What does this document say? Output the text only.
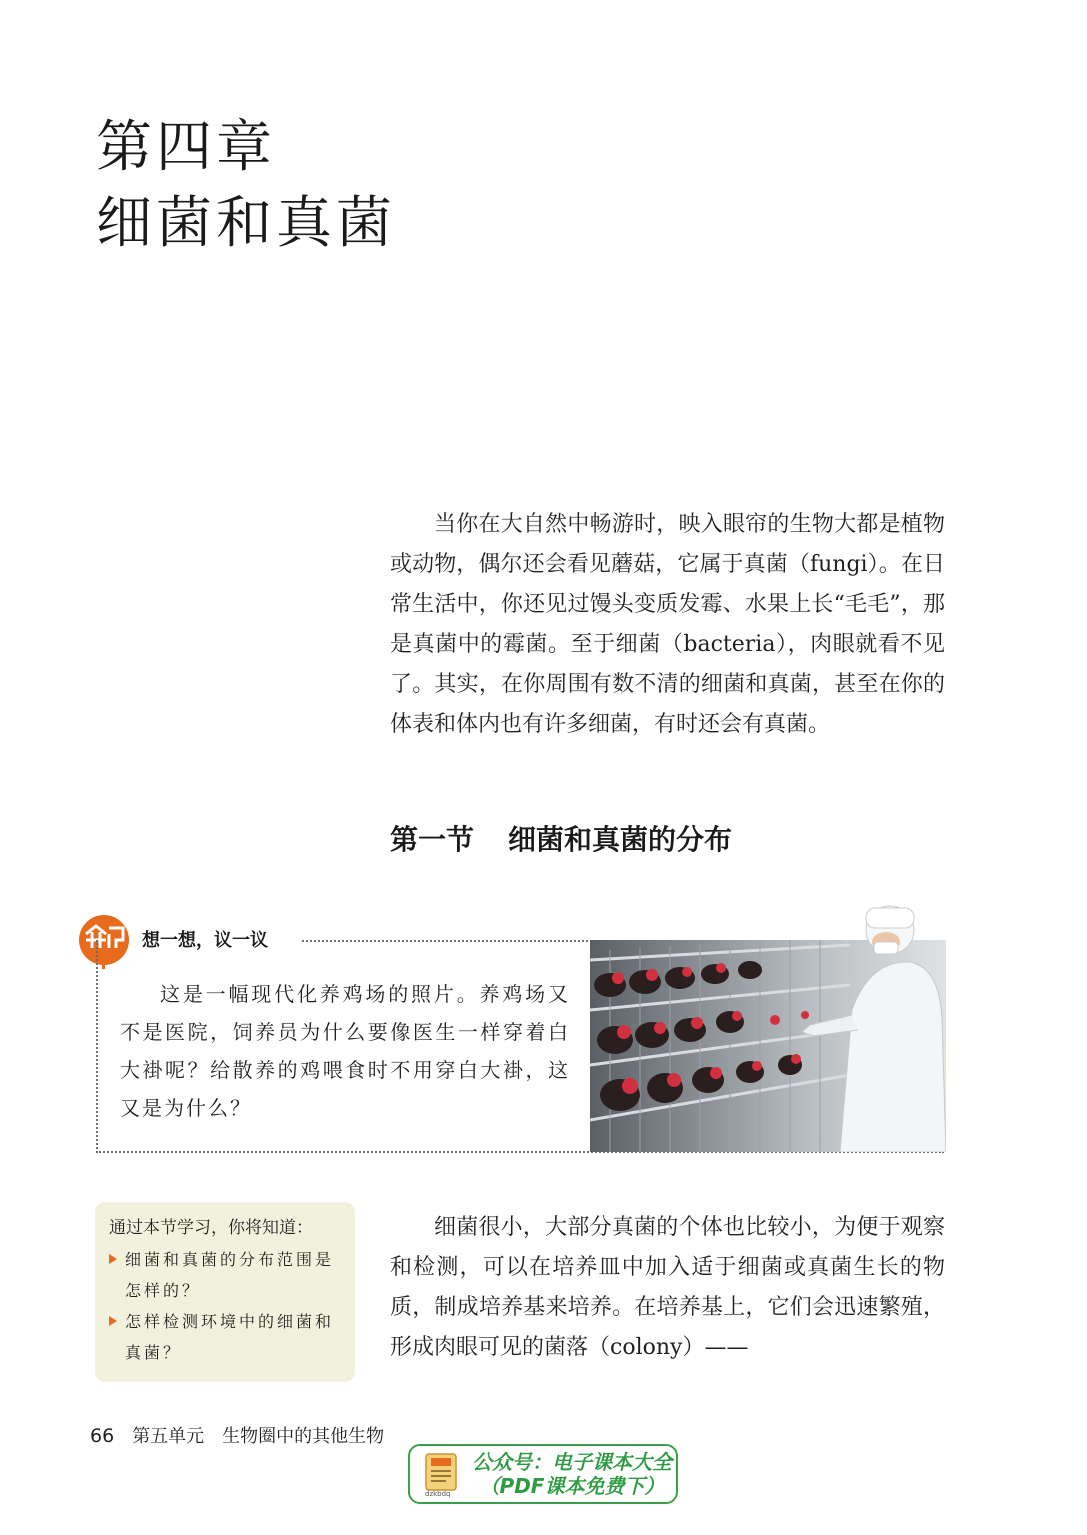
第四章
细菌和真菌

当你在大自然中畅游时，映入眼帘的生物大都是植物或动物，偶尔还会看见蘑菇，它属于真菌（fungi）。在日常生活中，你还见过馒头变质发霉、水果上长“毛毛”，那是真菌中的霉菌。至于细菌（bacteria），肉眼就看不见了。其实，在你周围有数不清的细菌和真菌，甚至在你的体表和体内也有许多细菌，有时还会有真菌。

第一节 细菌和真菌的分布
想一想，议一议

这是一幅现代化养鸡场的照片。养鸡场又不是医院，饲养员为什么要像医生一样穿着白大褂呢？给散养的鸡喂食时不用穿白大褂，这又是为什么？

通过本节学习，你将知道：
细菌和真菌的分布范围是怎样的？
怎样检测环境中的细菌和真菌？

细菌很小，大部分真菌的个体也比较小，为便于观察和检测，可以在培养皿中加入适于细菌或真菌生长的物质，制成培养基来培养。在培养基上，它们会迅速繁殖，形成肉眼可见的菌落（colony）——

66 第五单元　生物圈中的其他生物
dzkbdq
公众号：电子课本大全
（PDF课本免费下）
